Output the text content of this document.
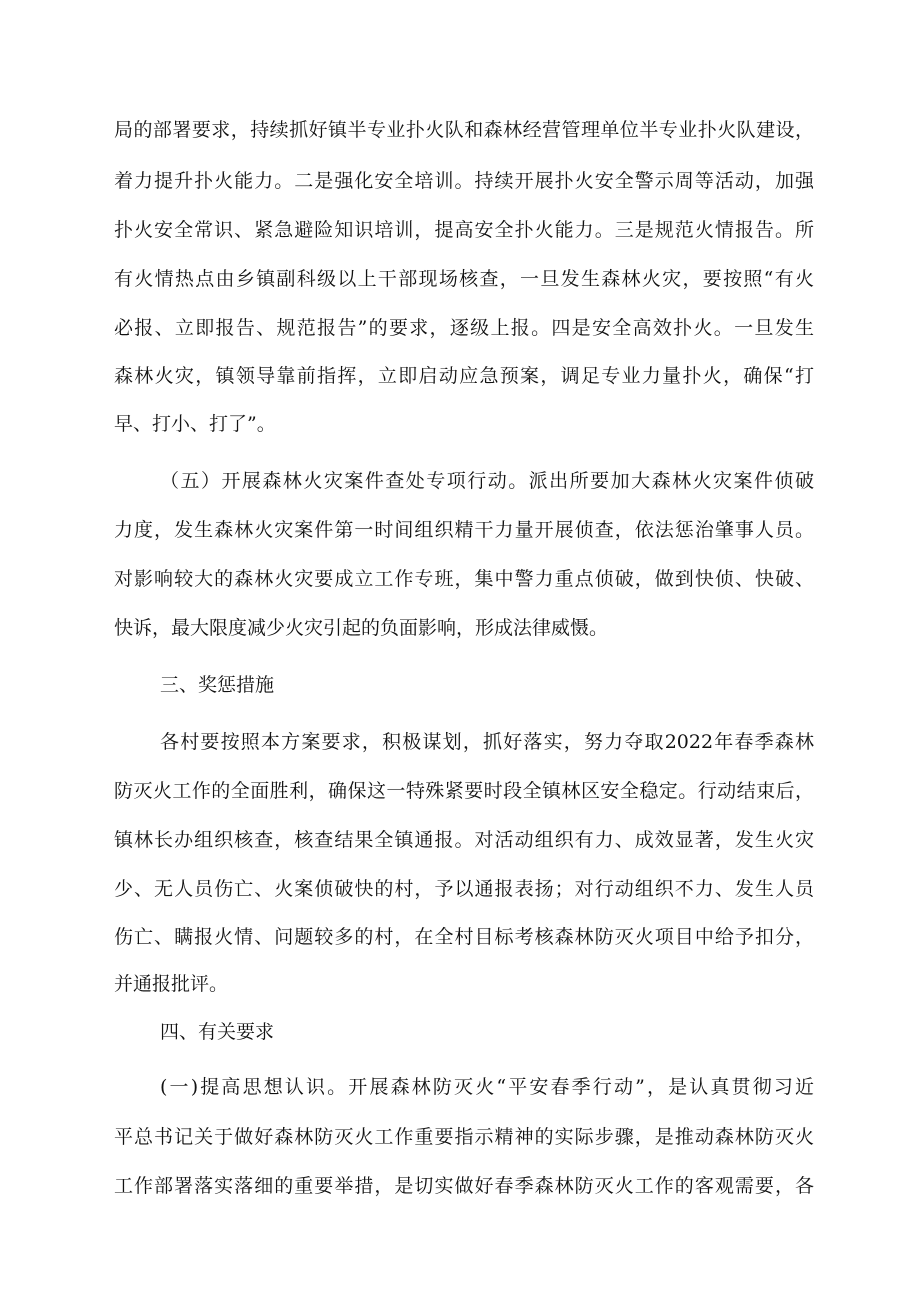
局的部署要求，持续抓好镇半专业扑火队和森林经营管理单位半专业扑火队建设，
着力提升扑火能力。二是强化安全培训。持续开展扑火安全警示周等活动，加强
扑火安全常识、紧急避险知识培训，提高安全扑火能力。三是规范火情报告。所
有火情热点由乡镇副科级以上干部现场核查，一旦发生森林火灾，要按照“有火
必报、立即报告、规范报告”的要求，逐级上报。四是安全高效扑火。一旦发生
森林火灾，镇领导靠前指挥，立即启动应急预案，调足专业力量扑火，确保“打
早、打小、打了”。
（五）开展森林火灾案件查处专项行动。派出所要加大森林火灾案件侦破
力度，发生森林火灾案件第一时间组织精干力量开展侦查，依法惩治肇事人员。
对影响较大的森林火灾要成立工作专班，集中警力重点侦破，做到快侦、快破、
快诉，最大限度减少火灾引起的负面影响，形成法律威慑。
三、奖惩措施
各村要按照本方案要求，积极谋划，抓好落实，努力夺取2022年春季森林
防灭火工作的全面胜利，确保这一特殊紧要时段全镇林区安全稳定。行动结束后，
镇林长办组织核查，核查结果全镇通报。对活动组织有力、成效显著，发生火灾
少、无人员伤亡、火案侦破快的村，予以通报表扬；对行动组织不力、发生人员
伤亡、瞒报火情、问题较多的村，在全村目标考核森林防灭火项目中给予扣分，
并通报批评。
四、有关要求
(一)提高思想认识。开展森林防灭火“平安春季行动”，是认真贯彻习近
平总书记关于做好森林防灭火工作重要指示精神的实际步骤，是推动森林防灭火
工作部署落实落细的重要举措，是切实做好春季森林防灭火工作的客观需要，各
